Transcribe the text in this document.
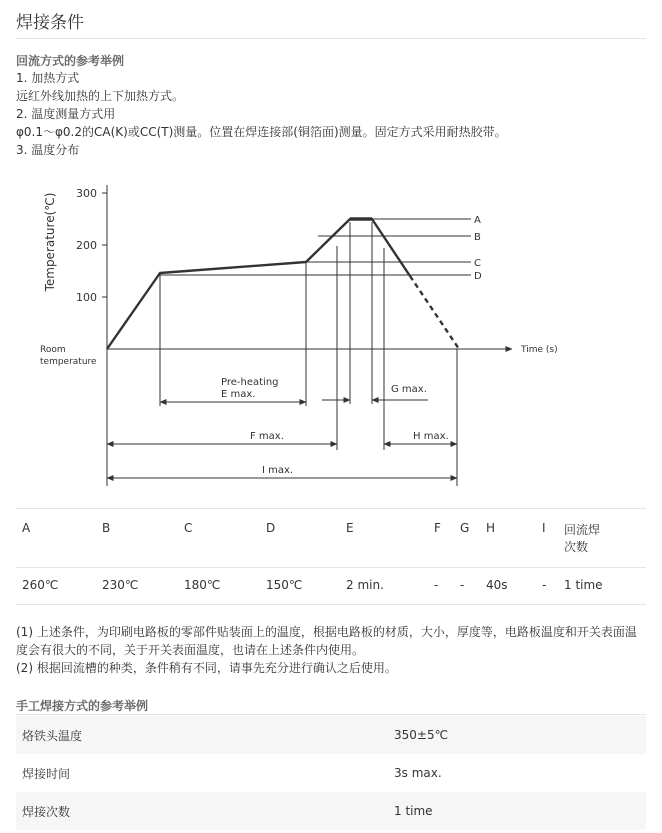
焊接条件
回流方式的参考举例
1. 加热方式
远红外线加热的上下加热方式。
2. 温度测量方式用
φ0.1～φ0.2的CA(K)或CC(T)测量。位置在焊连接部(铜箔面)测量。固定方式采用耐热胶带。
3. 温度分布
300
200
100
Temperature(℃)
Room
temperature
Time (s)
A
B
C
D
Pre-heating
E max.	G max.
F max.	H max.
I max.
A	B	C	D	E	F	G	H	I	回流焊
次数

260℃	230℃	180℃	150℃	2 min.	-	-	40s	-	1 time
(1) 上述条件，为印刷电路板的零部件贴装面上的温度，根据电路板的材质，大小，厚度等，电路板温度和开关表面温度会有很大的不同，关于开关表面温度，也请在上述条件内使用。
(2) 根据回流槽的种类，条件稍有不同，请事先充分进行确认之后使用。
手工焊接方式的参考举例
烙铁头温度	350±5℃
焊接时间	3s max.
焊接次数	1 time
